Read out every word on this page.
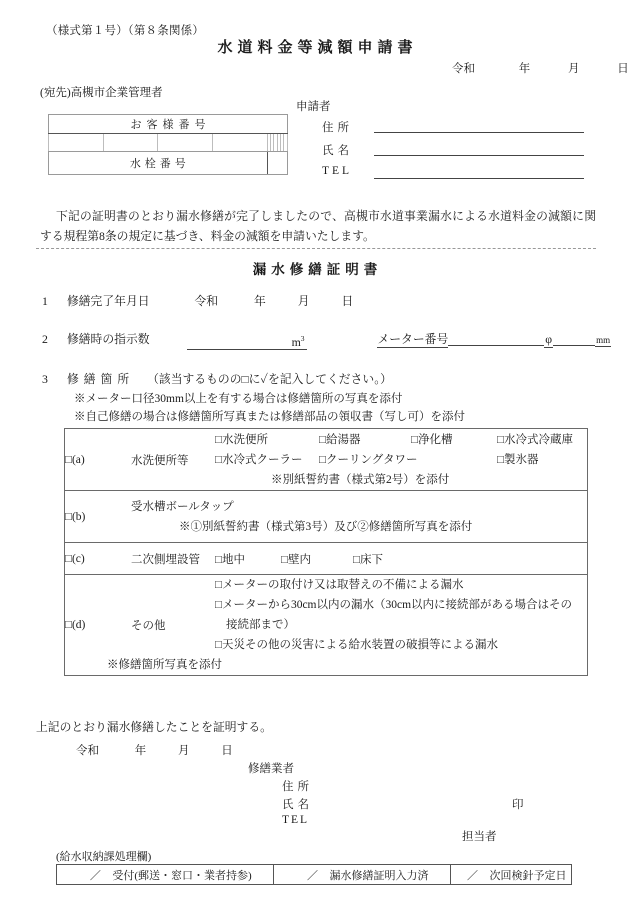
（様式第１号）（第８条関係）
水道料金等減額申請書
令和	年	月	日
(宛先)高槻市企業管理者
お客様番号									

水栓番号									
申請者
住所
氏名
TEL
下記の証明書のとおり漏水修繕が完了しましたので、高槻市水道事業漏水による水道料金の減額に関する規程第8条の規定に基づき、料金の減額を申請いたします。
漏水修繕証明書
1 修繕完了年月日	令和	年	月	日
2 修繕時の指示数	$m^3$	メーター番号	φ	mm
3 修繕箇所 （該当するものの□に✓を記入してください。）
※メーター口径30mm以上を有する場合は修繕箇所の写真を添付
※自己修繕の場合は修繕箇所写真または修繕部品の領収書（写し可）を添付
□(a)	水洗便所等	□水洗便所 □給湯器 □浄化槽 □水冷式冷蔵庫
□水冷式クーラー □クーリングタワー □製氷器
※別紙誓約書（様式第2号）を添付

□(b)	受水槽ボールタップ
※①別紙誓約書（様式第3号）及び②修繕箇所写真を添付	

□(c)	二次側埋設管	□地中 □壁内 □床下
□(d)	その他	□メーターの取付け又は取替えの不備による漏水
□メーターから30cm以内の漏水（30cm以内に接続部がある場合はその
接続部まで）
□天災その他の災害による給水装置の破損等による漏水
※修繕箇所写真を添付
上記のとおり漏水修繕したことを証明する。
令和	年	月	日
修繕業者
住所
氏名
TEL
印
担当者
(給水収納課処理欄)
／ 受付(郵送・窓口・業者持参)	／ 漏水修繕証明入力済	／ 次回検針予定日
